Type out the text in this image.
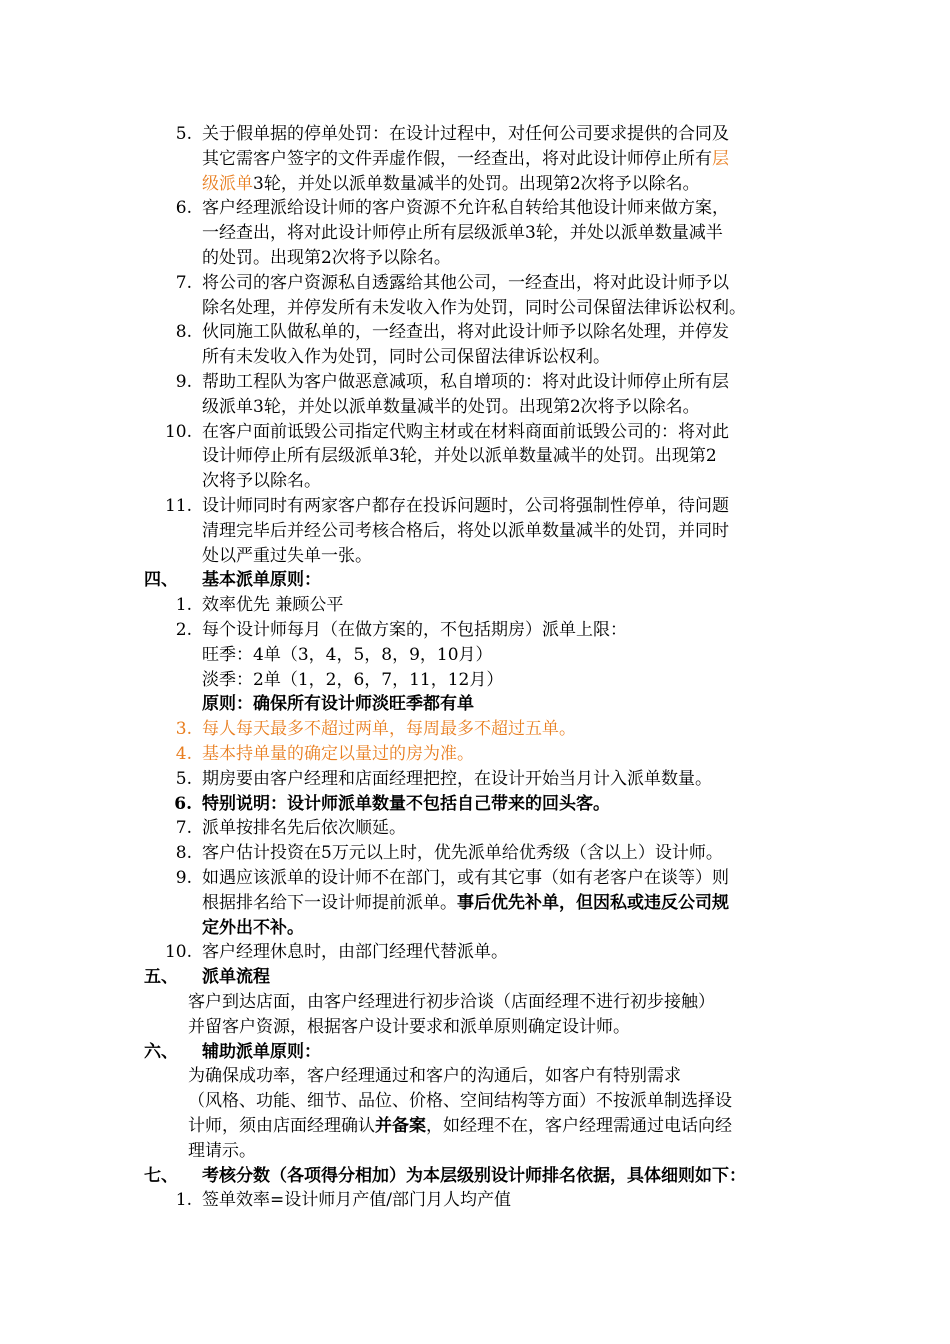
5. 关于假单据的停单处罚：在设计过程中，对任何公司要求提供的合同及
其它需客户签字的文件弄虚作假，一经查出，将对此设计师停止所有层
级派单3轮，并处以派单数量减半的处罚。出现第2次将予以除名。
6. 客户经理派给设计师的客户资源不允许私自转给其他设计师来做方案，
一经查出，将对此设计师停止所有层级派单3轮，并处以派单数量减半
的处罚。出现第2次将予以除名。
7. 将公司的客户资源私自透露给其他公司，一经查出，将对此设计师予以
除名处理，并停发所有未发收入作为处罚，同时公司保留法律诉讼权利。
8. 伙同施工队做私单的，一经查出，将对此设计师予以除名处理，并停发
所有未发收入作为处罚，同时公司保留法律诉讼权利。
9. 帮助工程队为客户做恶意减项，私自增项的：将对此设计师停止所有层
级派单3轮，并处以派单数量减半的处罚。出现第2次将予以除名。
10. 在客户面前诋毁公司指定代购主材或在材料商面前诋毁公司的：将对此
设计师停止所有层级派单3轮，并处以派单数量减半的处罚。出现第2
次将予以除名。
11. 设计师同时有两家客户都存在投诉问题时，公司将强制性停单，待问题
清理完毕后并经公司考核合格后，将处以派单数量减半的处罚，并同时
处以严重过失单一张。
四、 基本派单原则：
1. 效率优先 兼顾公平
2. 每个设计师每月（在做方案的，不包括期房）派单上限：
旺季：4单（3，4，5，8，9，10月）
淡季：2单（1，2，6，7，11，12月）
原则：确保所有设计师淡旺季都有单
3. 每人每天最多不超过两单，每周最多不超过五单。
4. 基本持单量的确定以量过的房为准。
5. 期房要由客户经理和店面经理把控，在设计开始当月计入派单数量。
6. 特别说明：设计师派单数量不包括自己带来的回头客。
7. 派单按排名先后依次顺延。
8. 客户估计投资在5万元以上时，优先派单给优秀级（含以上）设计师。
9. 如遇应该派单的设计师不在部门，或有其它事（如有老客户在谈等）则
根据排名给下一设计师提前派单。事后优先补单，但因私或违反公司规
定外出不补。
10. 客户经理休息时，由部门经理代替派单。
五、 派单流程
客户到达店面，由客户经理进行初步洽谈（店面经理不进行初步接触）
并留客户资源，根据客户设计要求和派单原则确定设计师。
六、 辅助派单原则：
为确保成功率，客户经理通过和客户的沟通后，如客户有特别需求
（风格、功能、细节、品位、价格、空间结构等方面）不按派单制选择设
计师，须由店面经理确认并备案，如经理不在，客户经理需通过电话向经
理请示。
七、 考核分数（各项得分相加）为本层级别设计师排名依据，具体细则如下：
1. 签单效率=设计师月产值/部门月人均产值
